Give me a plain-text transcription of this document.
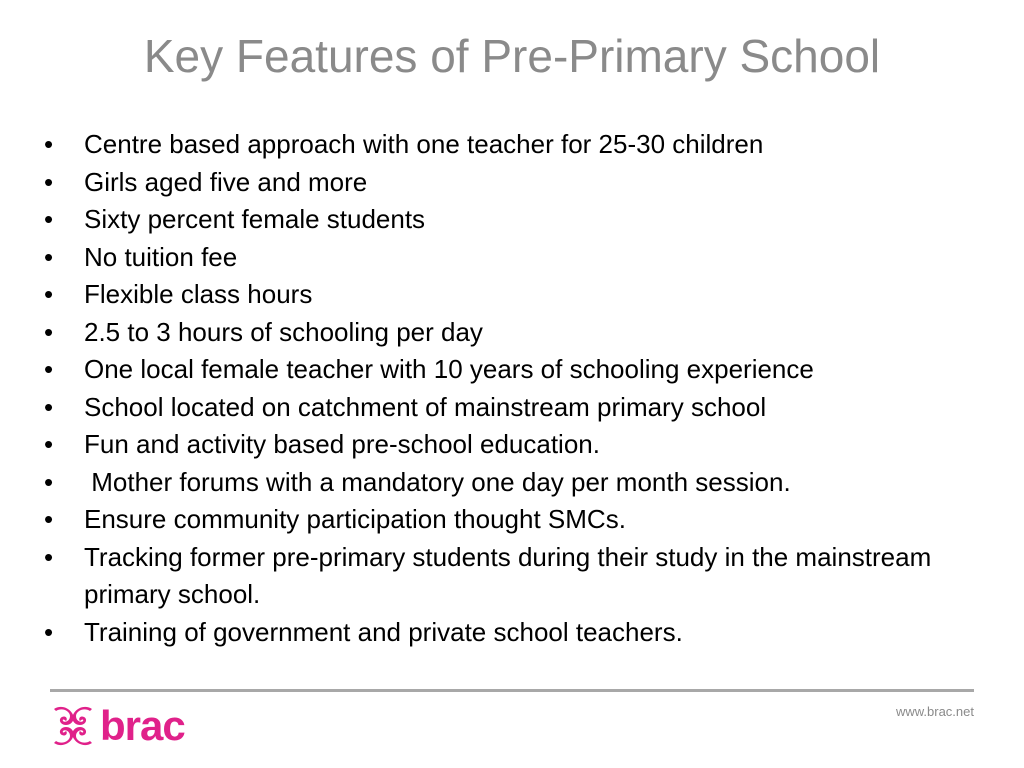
Key Features of Pre-Primary School
•	Centre based approach with one teacher for 25-30 children
•	Girls aged five and more
•	Sixty percent female students
•	No tuition fee
•	Flexible class hours
•	2.5 to 3 hours of schooling per day
•	One local female teacher with 10 years of schooling experience
•	School located on catchment of mainstream primary school
•	Fun and activity based pre-school education.
•	Mother forums with a mandatory one day per month session.
•	Ensure community participation thought SMCs.
•	Tracking former pre-primary students during their study in the mainstream primary school.
•	Training of government and private school teachers.
brac	www.brac.net
